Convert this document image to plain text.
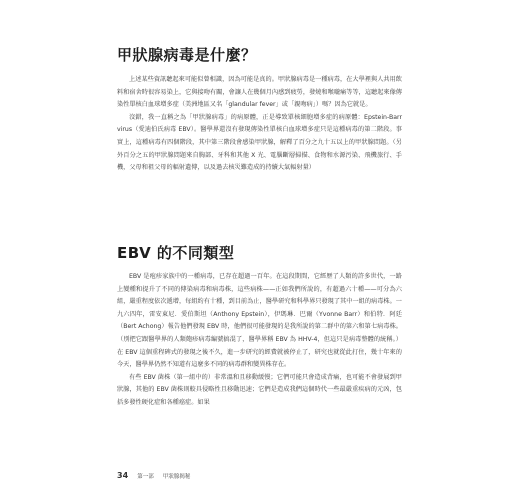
甲狀腺病毒是什麼？

上述某些資訊聽起來可能似曾相識，因為可能是真的。甲狀腺病毒是一種病毒，在大學裡與人共用飲料和宿舍時很容易染上，它與接吻有關，會讓人在幾個月內感到疲勞，發燒和喉嚨痛等等，這聽起來像傳染性單核白血球增多症（美洲地區又名「glandular fever」或「親吻病」）嗎？因為它就是。

沒錯，我一直稱之為「甲狀腺病毒」的病原體，正是導致單核細胞增多症的病原體：Epstein-Barr virus（愛迪伯氏病毒 EBV）。醫學界還沒有發現傳染性單核白血球增多症只是這種病毒的第二階段。事實上，這種病毒有四個階段，其中第三階段會感染甲狀腺，解釋了百分之九十五以上的甲狀腺問題。（另外百分之五的甲狀腺問題來自胸部、牙科和其他 X 光、電腦斷層掃描、食物和水源污染、飛機旅行、手機，父母和祖父母的輻射遺傳，以及過去核災難造成的持續大氣輻射量）

EBV 的不同類型

EBV 是疱疹家族中的一種病毒，已存在超過一百年。在這段期間，它經歷了人類的許多世代，一路上變種和提升了不同的傳染病毒和病毒株，這些病株——正如我們所說的，有超過六十種——可分為六組，嚴重程度依次遞增，每組約有十種，到目前為止，醫學研究和科學界只發現了其中一組的病毒株。一九六四年，雷安東尼．愛伯斯坦（Anthony Epstein），伊瑪琳．巴爾（Yvonne Barr）和伯特．阿廷（Bert Achong）報告他們發現 EBV 時，他們很可能發現的是我所說的第二群中的第六和第七病毒株。（別把它跟醫學界的人類皰疹病毒編號搞混了，醫學界稱 EBV 為 HHV-4，但這只是病毒整體的統稱。）在 EBV 這個重程碑式的發現之後不久，進一步研究的經費就被停止了，研究也就從此打住，幾十年來的今天，醫學界仍然不知道有這麼多不同的病毒群和變異株存在。

有些 EBV 菌株（第一組中的）非常溫和且移動緩慢；它們可能只會造成背痛，也可能不會發展到甲狀腺，其他的 EBV 菌株則較具侵略性且移動迅速；它們是造成我們這個時代一些最嚴重疾病的元凶，包括多發性硬化症和各種癌症。如果

34 第一部 甲狀腺揭秘
